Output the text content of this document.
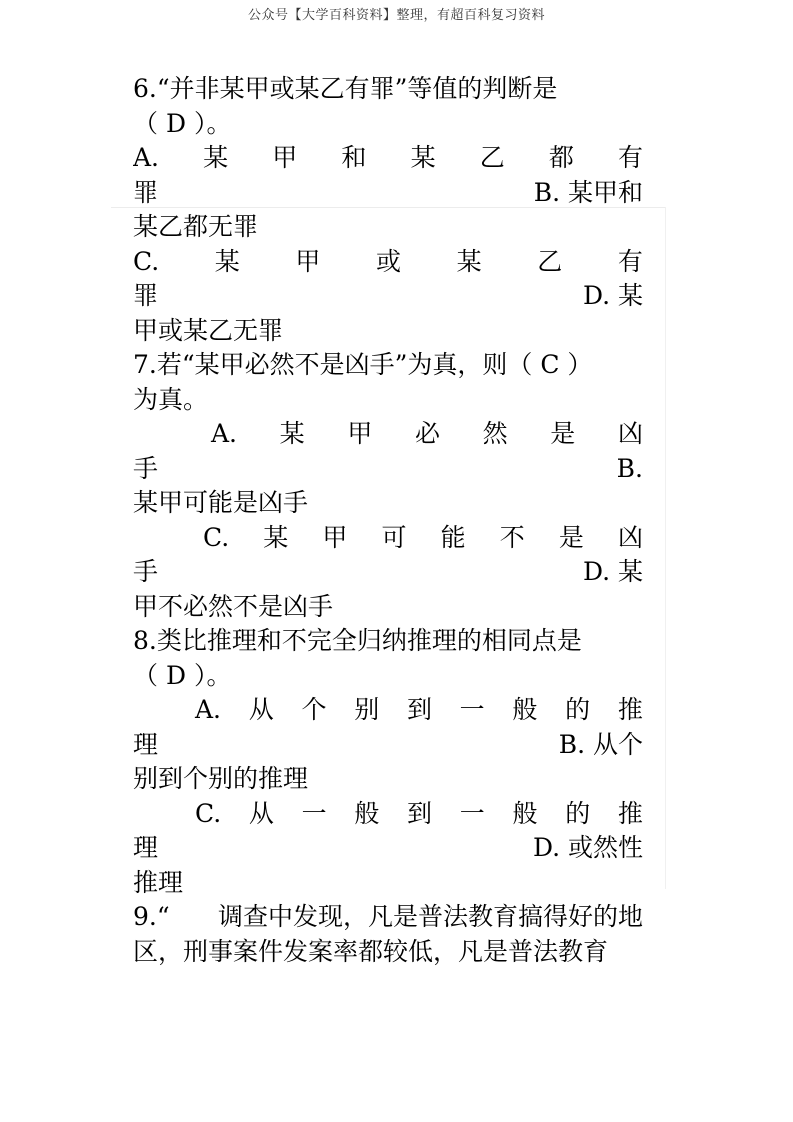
公众号【大学百科资料】整理，有超百科复习资料
6.“并非某甲或某乙有罪”等值的判断是
（ D ）。
A. 某 甲 和 某 乙 都 有
罪	B. 某甲和
某乙都无罪
C. 某 甲 或 某 乙 有
罪	D. 某
甲或某乙无罪
7.若“某甲必然不是凶手”为真，则（ C ）
为真。
A. 某 甲 必 然 是 凶
手	B.
某甲可能是凶手
C. 某 甲 可 能 不 是 凶
手	D. 某
甲不必然不是凶手
8.类比推理和不完全归纳推理的相同点是
（ D ）。
A. 从 个 别 到 一 般 的 推
理	B. 从个
别到个别的推理
C. 从 一 般 到 一 般 的 推
理	D. 或然性
推理
9.“ 调查中发现，凡是普法教育搞得好的地
区，刑事案件发案率都较低，凡是普法教育
